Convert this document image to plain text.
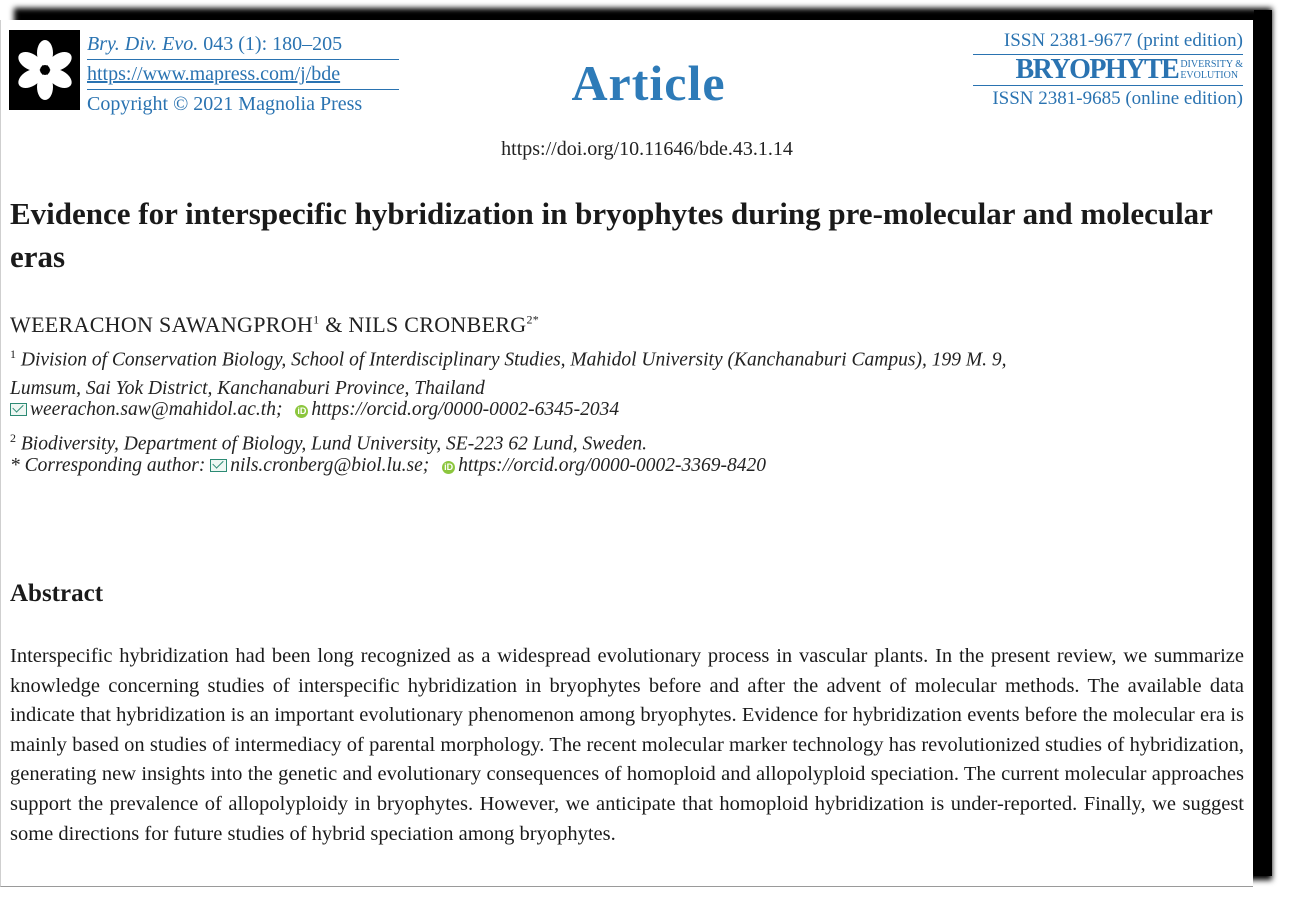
Bry. Div. Evo. 043 (1): 180–205
https://www.mapress.com/j/bde
Copyright © 2021 Magnolia Press	Article
ISSN 2381-9677 (print edition)
BRYOPHYTE DIVERSITY &
EVOLUTION
ISSN 2381-9685 (online edition)
https://doi.org/10.11646/bde.43.1.14
Evidence for interspecific hybridization in bryophytes during pre-molecular and molecular eras
WEERACHON SAWANGPROH$^1$ & NILS $CRONBERG^{2*}$
$^1$ Division of Conservation Biology, School of Interdisciplinary Studies, Mahidol University (Kanchanaburi Campus), 199 M. 9,
Lumsum, Sai Yok District, Kanchanaburi Province, Thailand
weerachon.saw@mahidol.ac.th; iD https://orcid.org/0000-0002-6345-2034
$^2$ Biodiversity, Department of Biology, Lund University, SE-223 62 Lund, Sweden.
* Corresponding author: nils.cronberg@biol.lu.se; iD https://orcid.org/0000-0002-3369-8420
Abstract
Interspecific hybridization had been long recognized as a widespread evolutionary process in vascular plants. In the present review, we summarize knowledge concerning studies of interspecific hybridization in bryophytes before and after the advent of molecular methods. The available data indicate that hybridization is an important evolutionary phenomenon among bryophytes. Evidence for hybridization events before the molecular era is mainly based on studies of intermediacy of parental morphology. The recent molecular marker technology has revolutionized studies of hybridization, generating new insights into the genetic and evolutionary consequences of homoploid and allopolyploid speciation. The current molecular approaches support the prevalence of allopolyploidy in bryophytes. However, we anticipate that homoploid hybridization is under-reported. Finally, we suggest some directions for future studies of hybrid speciation among bryophytes.
